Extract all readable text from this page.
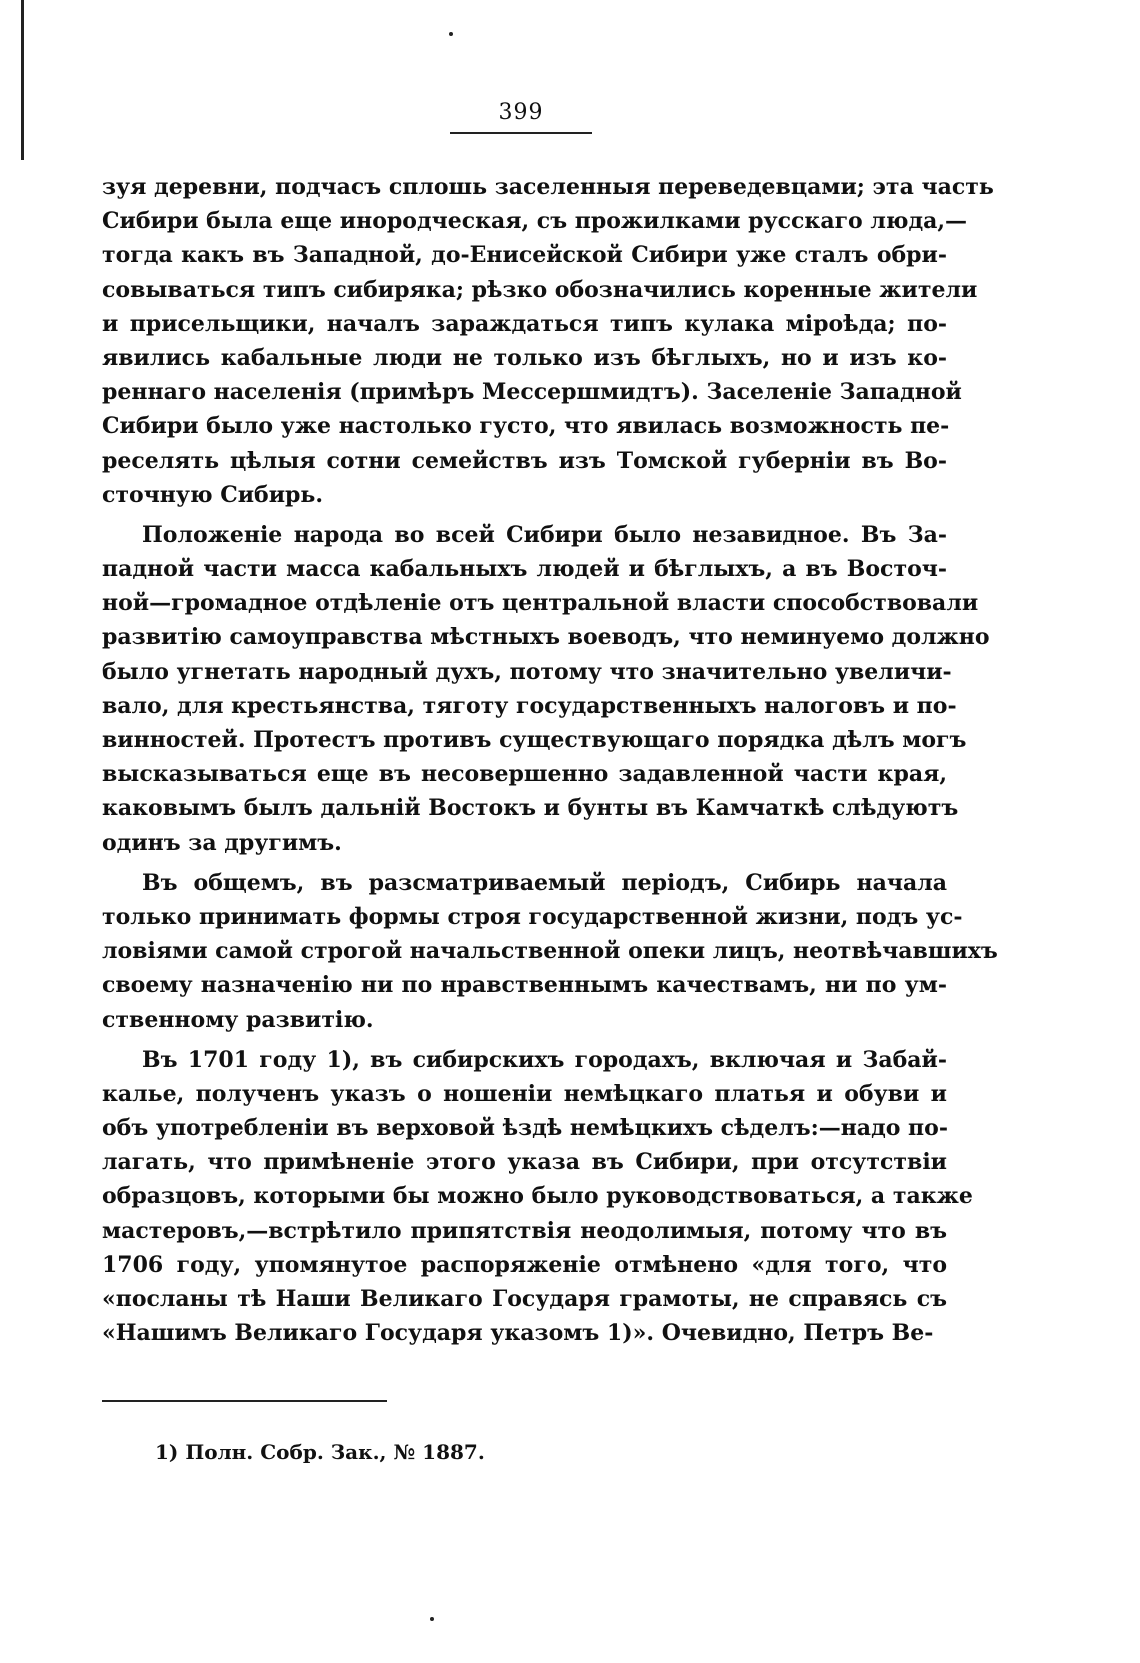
399
зуя деревни, подчасъ сплошь заселенныя переведевцами; эта часть
Сибири была еще инородческая, съ прожилками русскаго люда,—
тогда какъ въ Западной, до-Енисейской Сибири уже сталъ обри-
совываться типъ сибиряка; рѣзко обозначились коренные жители
и присельщики, началъ зараждаться типъ кулака міроѣда; по-
явились кабальные люди не только изъ бѣглыхъ, но и изъ ко-
реннаго населенія (примѣръ Мессершмидтъ). Заселеніе Западной
Сибири было уже настолько густо, что явилась возможность пе-
реселять цѣлыя сотни семействъ изъ Томской губерніи въ Во-
сточную Сибирь.
Положеніе народа во всей Сибири было незавидное. Въ За-
падной части масса кабальныхъ людей и бѣглыхъ, а въ Восточ-
ной—громадное отдѣленіе отъ центральной власти способствовали
развитію самоуправства мѣстныхъ воеводъ, что неминуемо должно
было угнетать народный духъ, потому что значительно увеличи-
вало, для крестьянства, тяготу государственныхъ налоговъ и по-
винностей. Протестъ противъ существующаго порядка дѣлъ могъ
высказываться еще въ несовершенно задавленной части края,
каковымъ былъ дальній Востокъ и бунты въ Камчаткѣ слѣдуютъ
одинъ за другимъ.
Въ общемъ, въ разсматриваемый періодъ, Сибирь начала
только принимать формы строя государственной жизни, подъ ус-
ловіями самой строгой начальственной опеки лицъ, неотвѣчавшихъ
своему назначенію ни по нравственнымъ качествамъ, ни по ум-
ственному развитію.
Въ 1701 году 1), въ сибирскихъ городахъ, включая и Забай-
калье, полученъ указъ о ношеніи немѣцкаго платья и обуви и
объ употребленіи въ верховой ѣздѣ немѣцкихъ сѣделъ:—надо по-
лагать, что примѣненіе этого указа въ Сибири, при отсутствіи
образцовъ, которыми бы можно было руководствоваться, а также
мастеровъ,—встрѣтило припятствія неодолимыя, потому что въ
1706 году, упомянутое распоряженіе отмѣнено «для того, что
«посланы тѣ Наши Великаго Государя грамоты, не справясь съ
«Нашимъ Великаго Государя указомъ 1)». Очевидно, Петръ Ве-
1) Полн. Собр. Зак., № 1887.
